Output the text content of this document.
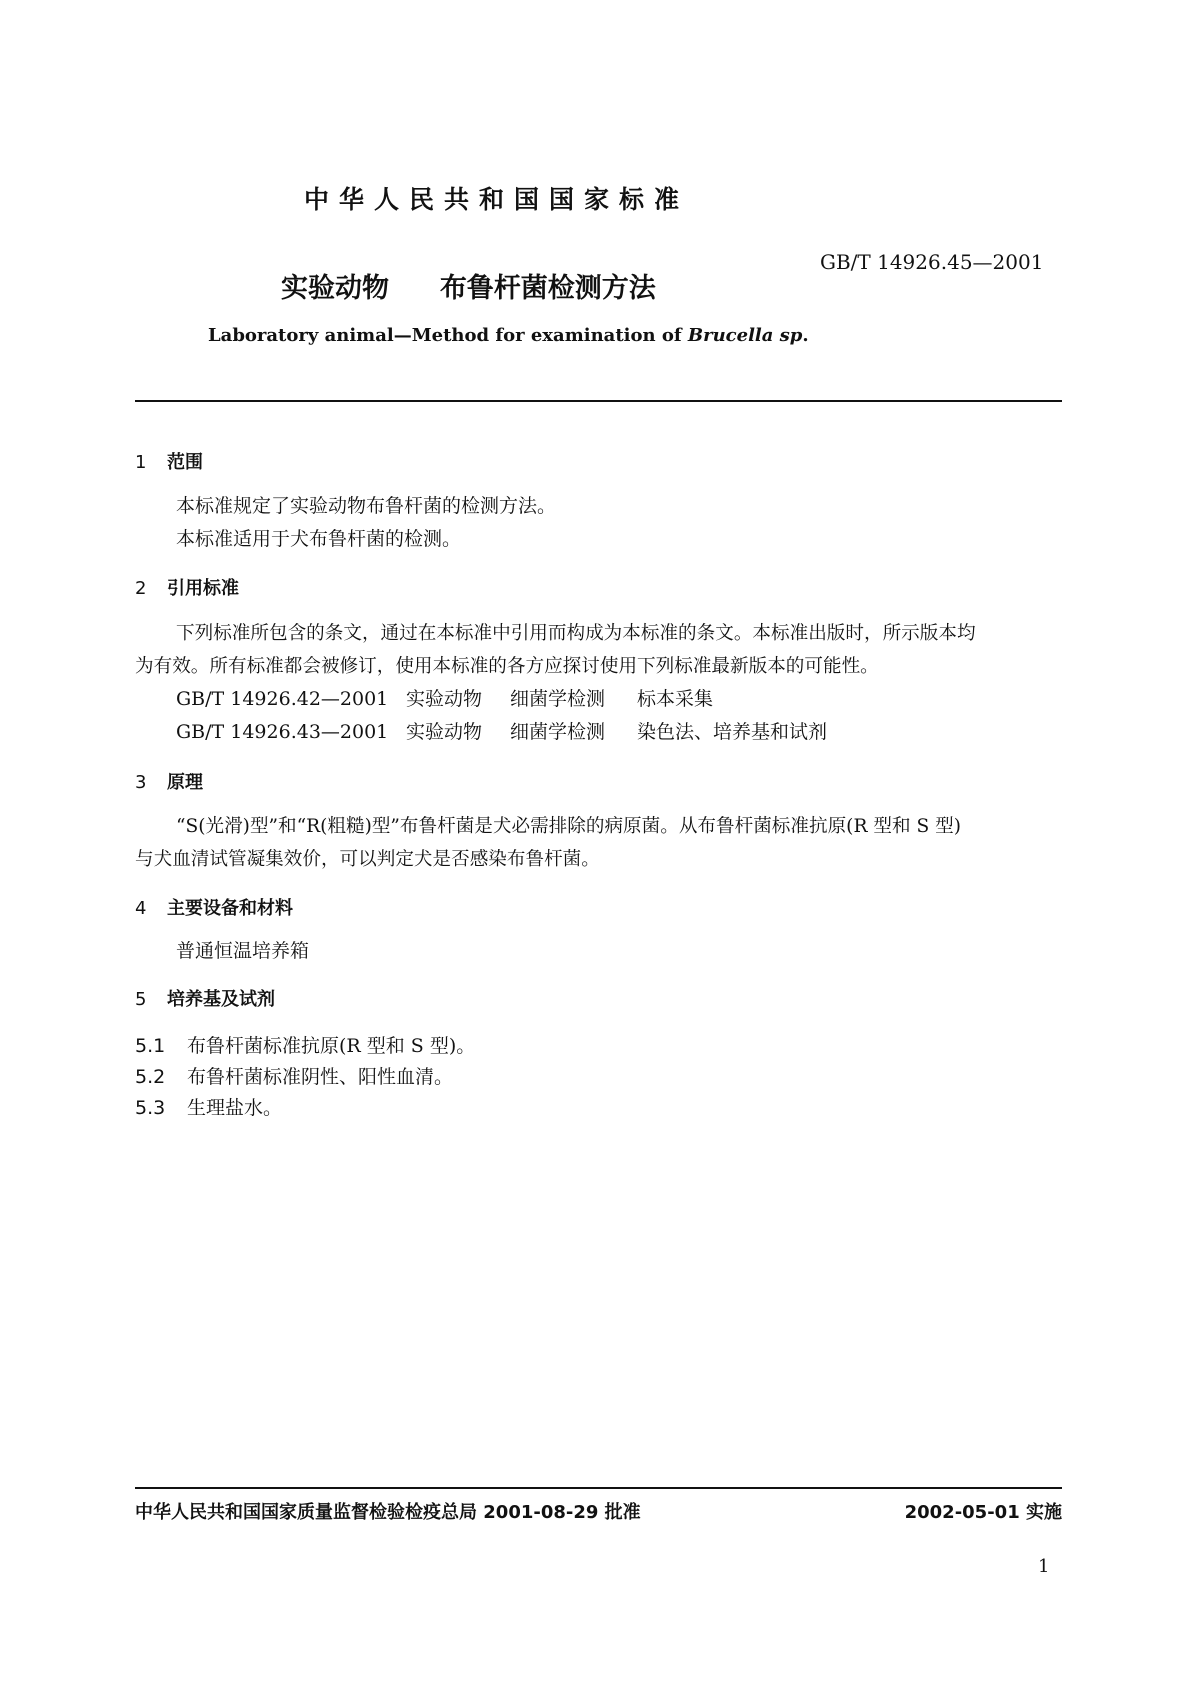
中华人民共和国国家标准
实验动物 布鲁杆菌检测方法
GB/T 14926.45—2001
Laboratory animal—Method for examination of Brucella sp.
1 范围
本标准规定了实验动物布鲁杆菌的检测方法。
本标准适用于犬布鲁杆菌的检测。
2 引用标准
下列标准所包含的条文，通过在本标准中引用而构成为本标准的条文。本标准出版时，所示版本均
为有效。所有标准都会被修订，使用本标准的各方应探讨使用下列标准最新版本的可能性。
GB/T 14926.42—2001 实验动物 细菌学检测 标本采集
GB/T 14926.43—2001 实验动物 细菌学检测 染色法、培养基和试剂
3 原理
“S(光滑)型”和“R(粗糙)型”布鲁杆菌是犬必需排除的病原菌。从布鲁杆菌标准抗原(R 型和 S 型)
与犬血清试管凝集效价，可以判定犬是否感染布鲁杆菌。
4 主要设备和材料
普通恒温培养箱
5 培养基及试剂
5.1 布鲁杆菌标准抗原(R 型和 S 型)。
5.2 布鲁杆菌标准阴性、阳性血清。
5.3 生理盐水。
中华人民共和国国家质量监督检验检疫总局 2001-08-29 批准	2002-05-01 实施
1
